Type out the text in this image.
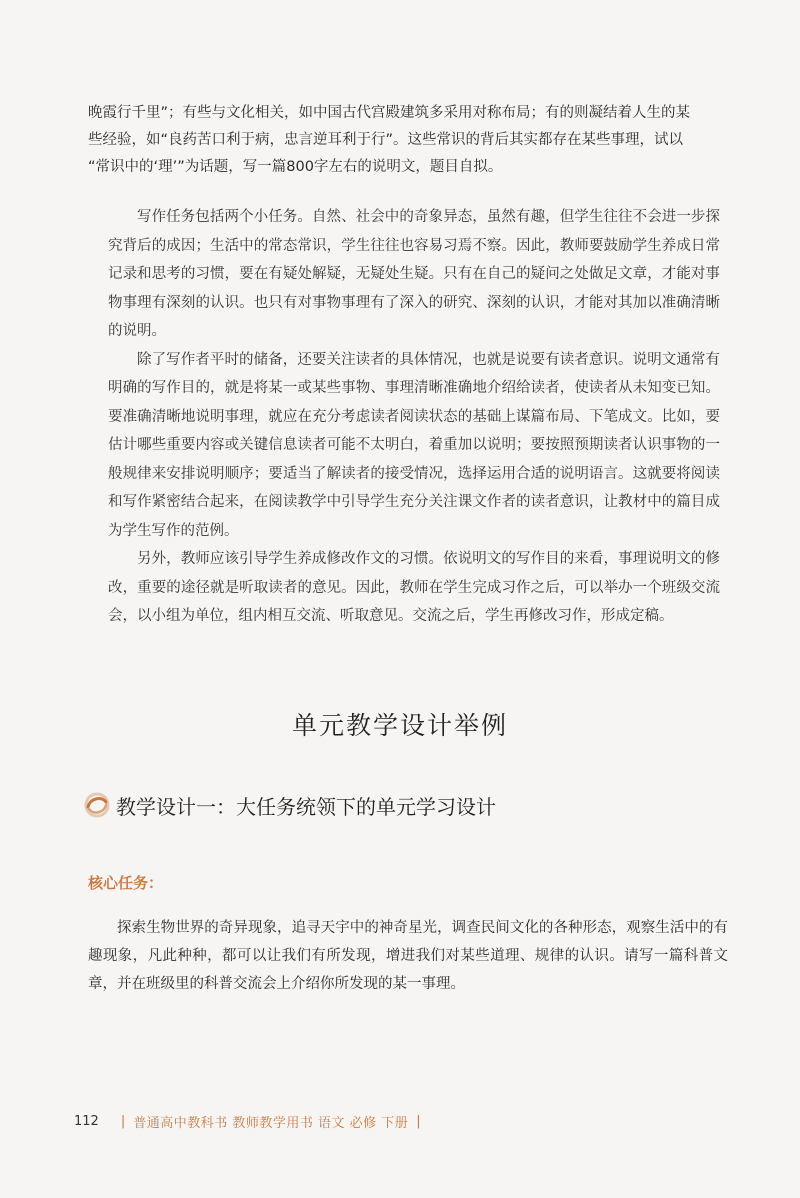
晚霞行千里”；有些与文化相关，如中国古代宫殿建筑多采用对称布局；有的则凝结着人生的某

些经验，如“良药苦口利于病，忠言逆耳利于行”。这些常识的背后其实都存在某些事理，试以

“常识中的‘理’”为话题，写一篇800字左右的说明文，题目自拟。

写作任务包括两个小任务。自然、社会中的奇象异态，虽然有趣，但学生往往不会进一步探究背后的成因；生活中的常态常识，学生往往也容易习焉不察。因此，教师要鼓励学生养成日常记录和思考的习惯，要在有疑处解疑，无疑处生疑。只有在自己的疑问之处做足文章，才能对事物事理有深刻的认识。也只有对事物事理有了深入的研究、深刻的认识，才能对其加以准确清晰的说明。

除了写作者平时的储备，还要关注读者的具体情况，也就是说要有读者意识。说明文通常有明确的写作目的，就是将某一或某些事物、事理清晰准确地介绍给读者，使读者从未知变已知。要准确清晰地说明事理，就应在充分考虑读者阅读状态的基础上谋篇布局、下笔成文。比如，要估计哪些重要内容或关键信息读者可能不太明白，着重加以说明；要按照预期读者认识事物的一般规律来安排说明顺序；要适当了解读者的接受情况，选择运用合适的说明语言。这就要将阅读和写作紧密结合起来，在阅读教学中引导学生充分关注课文作者的读者意识，让教材中的篇目成为学生写作的范例。

另外，教师应该引导学生养成修改作文的习惯。依说明文的写作目的来看，事理说明文的修改，重要的途径就是听取读者的意见。因此，教师在学生完成习作之后，可以举办一个班级交流会，以小组为单位，组内相互交流、听取意见。交流之后，学生再修改习作，形成定稿。

单元教学设计举例
教学设计一：大任务统领下的单元学习设计
核心任务：

探索生物世界的奇异现象，追寻天宇中的神奇星光，调查民间文化的各种形态，观察生活中的有趣现象，凡此种种，都可以让我们有所发现，增进我们对某些道理、规律的认识。请写一篇科普文章，并在班级里的科普交流会上介绍你所发现的某一事理。

112 | 普通高中教科书 教师教学用书 语文 必修 下册 |
